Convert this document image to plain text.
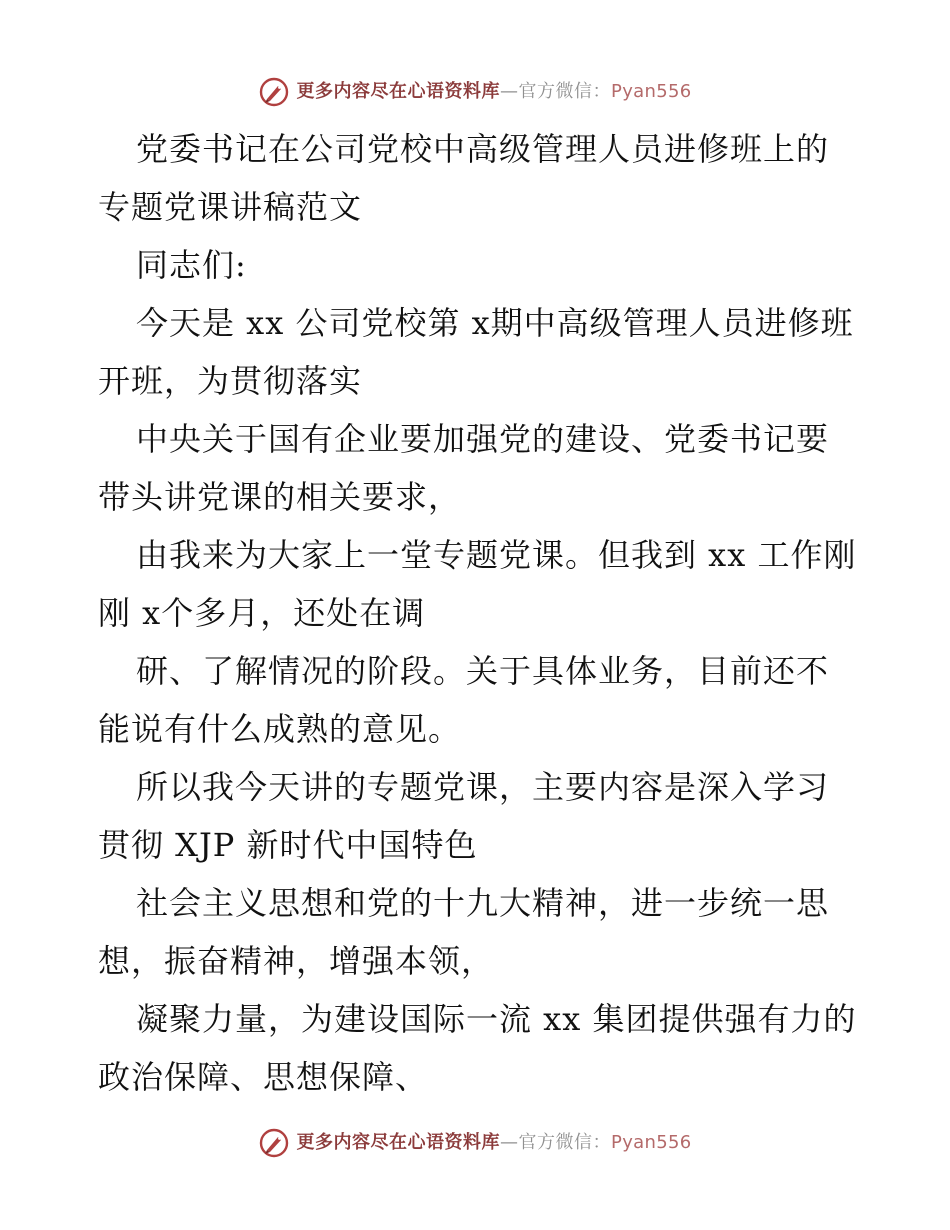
更多内容尽在心语资料库 — 官方微信： Pyan556

党委书记在公司党校中高级管理人员进修班上的专题党课讲稿范文

同志们:

今天是 xx 公司党校第 x期中高级管理人员进修班开班，为贯彻落实

中央关于国有企业要加强党的建设、党委书记要带头讲党课的相关要求，

由我来为大家上一堂专题党课。但我到 xx 工作刚刚 x个多月，还处在调

研、了解情况的阶段。关于具体业务，目前还不能说有什么成熟的意见。

所以我今天讲的专题党课，主要内容是深入学习贯彻 XJP 新时代中国特色

社会主义思想和党的十九大精神，进一步统一思想，振奋精神，增强本领，

凝聚力量，为建设国际一流 xx 集团提供强有力的政治保障、思想保障、

更多内容尽在心语资料库 — 官方微信： Pyan556
